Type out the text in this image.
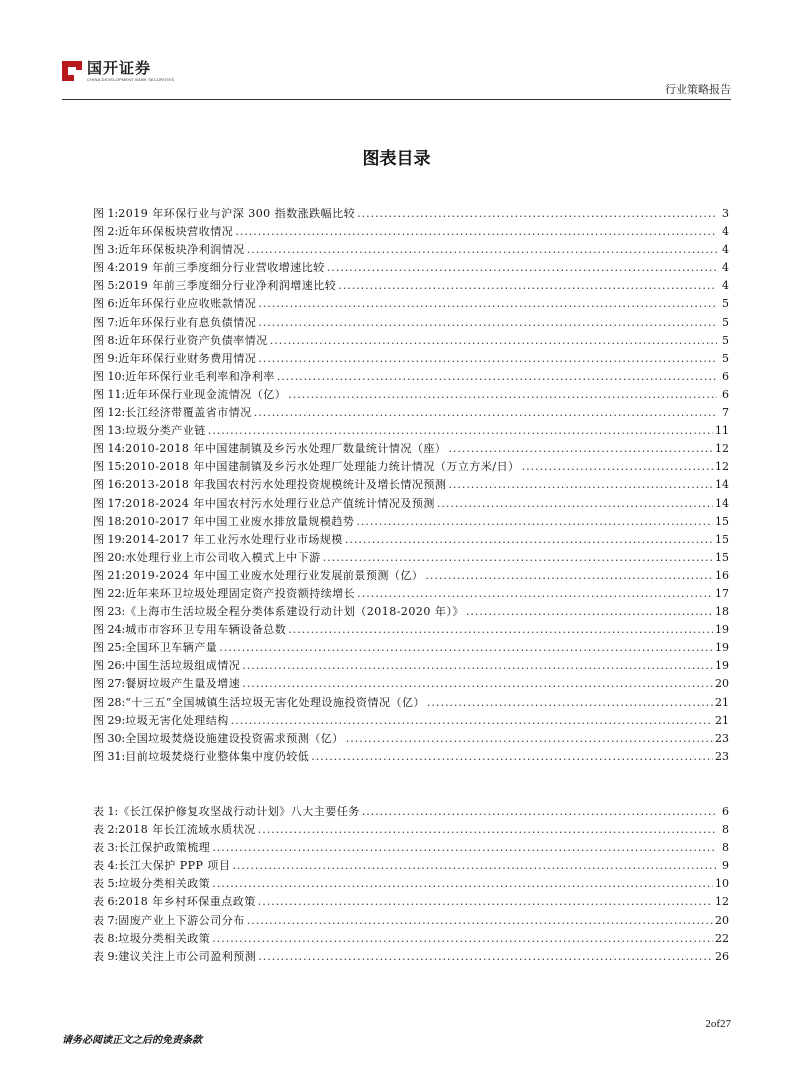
国开证券
CHINA DEVELOPMENT BANK SECURITIES
行业策略报告
图表目录
图 1: 2019 年环保行业与沪深 300 指数涨跌幅比较 .....	3
图 2: 近年环保板块营收情况 .....	4
图 3: 近年环保板块净利润情况 .....	4
图 4: 2019 年前三季度细分行业营收增速比较 .....	4
图 5: 2019 年前三季度细分行业净利润增速比较 .....	4
图 6: 近年环保行业应收账款情况 .....	5
图 7: 近年环保行业有息负债情况 .....	5
图 8: 近年环保行业资产负债率情况 .....	5
图 9: 近年环保行业财务费用情况 .....	5
图 10: 近年环保行业毛利率和净利率 .....	6
图 11: 近年环保行业现金流情况（亿） .....	6
图 12: 长江经济带覆盖省市情况 .....	7
图 13: 垃圾分类产业链 .....	11
图 14: 2010-2018 年中国建制镇及乡污水处理厂数量统计情况（座） .....	12
图 15: 2010-2018 年中国建制镇及乡污水处理厂处理能力统计情况（万立方米/日） .....	12
图 16: 2013-2018 年我国农村污水处理投资规模统计及增长情况预测 .....	14
图 17: 2018-2024 年中国农村污水处理行业总产值统计情况及预测 .....	14
图 18: 2010-2017 年中国工业废水排放量规模趋势 .....	15
图 19: 2014-2017 年工业污水处理行业市场规模 .....	15
图 20: 水处理行业上市公司收入模式上中下游 .....	15
图 21: 2019-2024 年中国工业废水处理行业发展前景预测（亿） .....	16
图 22: 近年来环卫垃圾处理固定资产投资额持续增长 .....	17
图 23: 《上海市生活垃圾全程分类体系建设行动计划（2018-2020 年）》 .....	18
图 24: 城市市容环卫专用车辆设备总数 .....	19
图 25: 全国环卫车辆产量 .....	19
图 26: 中国生活垃圾组成情况 .....	19
图 27: 餐厨垃圾产生量及增速 .....	20
图 28: “十三五”全国城镇生活垃圾无害化处理设施投资情况（亿） .....	21
图 29: 垃圾无害化处理结构 .....	21
图 30: 全国垃圾焚烧设施建设投资需求预测（亿） .....	23
图 31: 目前垃圾焚烧行业整体集中度仍较低 .....	23
表 1: 《长江保护修复攻坚战行动计划》八大主要任务 .....	6
表 2: 2018 年长江流域水质状况 .....	8
表 3: 长江保护政策梳理 .....	8
表 4: 长江大保护 PPP 项目 .....	9
表 5: 垃圾分类相关政策 .....	10
表 6: 2018 年乡村环保重点政策 .....	12
表 7: 固废产业上下游公司分布 .....	20
表 8: 垃圾分类相关政策 .....	22
表 9: 建议关注上市公司盈利预测 .....	26
请务必阅读正文之后的免责条款
2of27
